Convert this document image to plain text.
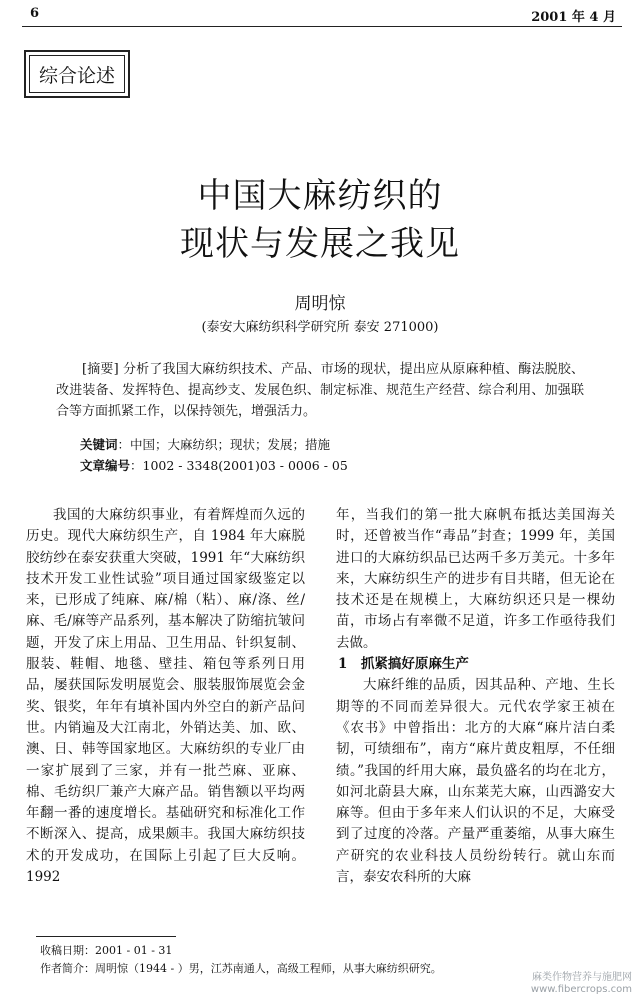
6	2001 年 4 月
综合论述
中国大麻纺织的
现状与发展之我见
周明惊
(泰安大麻纺织科学研究所 泰安 271000)
[摘要] 分析了我国大麻纺织技术、产品、市场的现状，提出应从原麻种植、酶法脱胶、改进装备、发挥特色、提高纱支、发展色织、制定标准、规范生产经营、综合利用、加强联合等方面抓紧工作，以保持领先，增强活力。
关键词：中国；大麻纺织；现状；发展；措施
文章编号：1002 - 3348(2001)03 - 0006 - 05

我国的大麻纺织事业，有着辉煌而久远的历史。现代大麻纺织生产，自 1984 年大麻脱胶纺纱在泰安获重大突破，1991 年“大麻纺织技术开发工业性试验”项目通过国家级鉴定以来，已形成了纯麻、麻/棉（粘）、麻/涤、丝/麻、毛/麻等产品系列，基本解决了防缩抗皱问题，开发了床上用品、卫生用品、针织复制、服装、鞋帽、地毯、壁挂、箱包等系列日用品，屡获国际发明展览会、服装服饰展览会金奖、银奖，年年有填补国内外空白的新产品问世。内销遍及大江南北，外销达美、加、欧、澳、日、韩等国家地区。大麻纺织的专业厂由一家扩展到了三家，并有一批苎麻、亚麻、棉、毛纺织厂兼产大麻产品。销售额以平均两年翻一番的速度增长。基础研究和标准化工作不断深入、提高，成果颇丰。我国大麻纺织技术的开发成功，在国际上引起了巨大反响。1992

年，当我们的第一批大麻帆布抵达美国海关时，还曾被当作“毒品”封查；1999 年，美国进口的大麻纺织品已达两千多万美元。十多年来，大麻纺织生产的进步有目共睹，但无论在技术还是在规模上，大麻纺织还只是一棵幼苗，市场占有率微不足道，许多工作亟待我们去做。

1　抓紧搞好原麻生产

大麻纤维的品质，因其品种、产地、生长期等的不同而差异很大。元代农学家王祯在《农书》中曾指出：北方的大麻“麻片洁白柔韧，可绩细布”，南方“麻片黄皮粗厚，不任细绩。”我国的纤用大麻，最负盛名的均在北方，如河北蔚县大麻，山东莱芜大麻，山西潞安大麻等。但由于多年来人们认识的不足，大麻受到了过度的冷落。产量严重萎缩，从事大麻生产研究的农业科技人员纷纷转行。就山东而言，泰安农科所的大麻

收稿日期：2001 - 01 - 31
作者简介：周明惊（1944 - ）男，江苏南通人，高级工程师，从事大麻纺织研究。
麻类作物营养与施肥网
www.fibercrops.com
